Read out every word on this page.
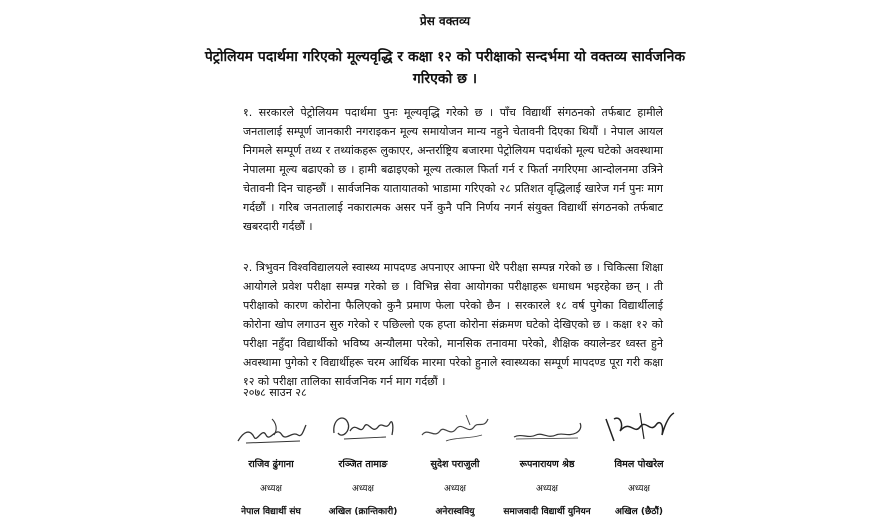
प्रेस वक्तव्य
पेट्रोलियम पदार्थमा गरिएको मूल्यवृद्धि र कक्षा १२ को परीक्षाको सन्दर्भमा यो वक्तव्य सार्वजनिक गरिएको छ ।

१. सरकारले पेट्रोलियम पदार्थमा पुनः मूल्यवृद्धि गरेको छ । पाँच विद्यार्थी संगठनको तर्फबाट हामीले जनतालाई सम्पूर्ण जानकारी नगराइकन मूल्य समायोजन मान्य नहुने चेतावनी दिएका थियौं । नेपाल आयल निगमले सम्पूर्ण तथ्य र तथ्यांकहरू लुकाएर, अन्तर्राष्ट्रिय बजारमा पेट्रोलियम पदार्थको मूल्य घटेको अवस्थामा नेपालमा मूल्य बढाएको छ । हामी बढाइएको मूल्य तत्काल फिर्ता गर्न र फिर्ता नगरिएमा आन्दोलनमा उत्रिने चेतावनी दिन चाहन्छौं । सार्वजनिक यातायातको भाडामा गरिएको २८ प्रतिशत वृद्धिलाई खारेज गर्न पुनः माग गर्दछौं । गरिब जनतालाई नकारात्मक असर पर्ने कुनै पनि निर्णय नगर्न संयुक्त विद्यार्थी संगठनको तर्फबाट खबरदारी गर्दछौं ।

२. त्रिभुवन विश्वविद्यालयले स्वास्थ्य मापदण्ड अपनाएर आफ्ना धेरै परीक्षा सम्पन्न गरेको छ । चिकित्सा शिक्षा आयोगले प्रवेश परीक्षा सम्पन्न गरेको छ । विभिन्न सेवा आयोगका परीक्षाहरू धमाधम भइरहेका छन् । ती परीक्षाको कारण कोरोना फैलिएको कुनै प्रमाण फेला परेको छैन । सरकारले १८ वर्ष पुगेका विद्यार्थीलाई कोरोना खोप लगाउन सुरु गरेको र पछिल्लो एक हप्ता कोरोना संक्रमण घटेको देखिएको छ । कक्षा १२ को परीक्षा नहुँदा विद्यार्थीको भविष्य अन्यौलमा परेको, मानसिक तनावमा परेको, शैक्षिक क्यालेन्डर ध्वस्त हुने अवस्थामा पुगेको र विद्यार्थीहरू चरम आर्थिक मारमा परेको हुनाले स्वास्थ्यका सम्पूर्ण मापदण्ड पूरा गरी कक्षा १२ को परीक्षा तालिका सार्वजनिक गर्न माग गर्दछौं ।

२०७८ साउन २८
राजिव ढुंगाना
अध्यक्ष
नेपाल विद्यार्थी संघ
रञ्जित तामाङ
अध्यक्ष
अखिल (क्रान्तिकारी)
सुदेश पराजुली
अध्यक्ष
अनेरास्ववियु
रूपनारायण श्रेष्ठ
अध्यक्ष
समाजवादी विद्यार्थी युनियन
विमल पोखरेल
अध्यक्ष
अखिल (छैठौं)
